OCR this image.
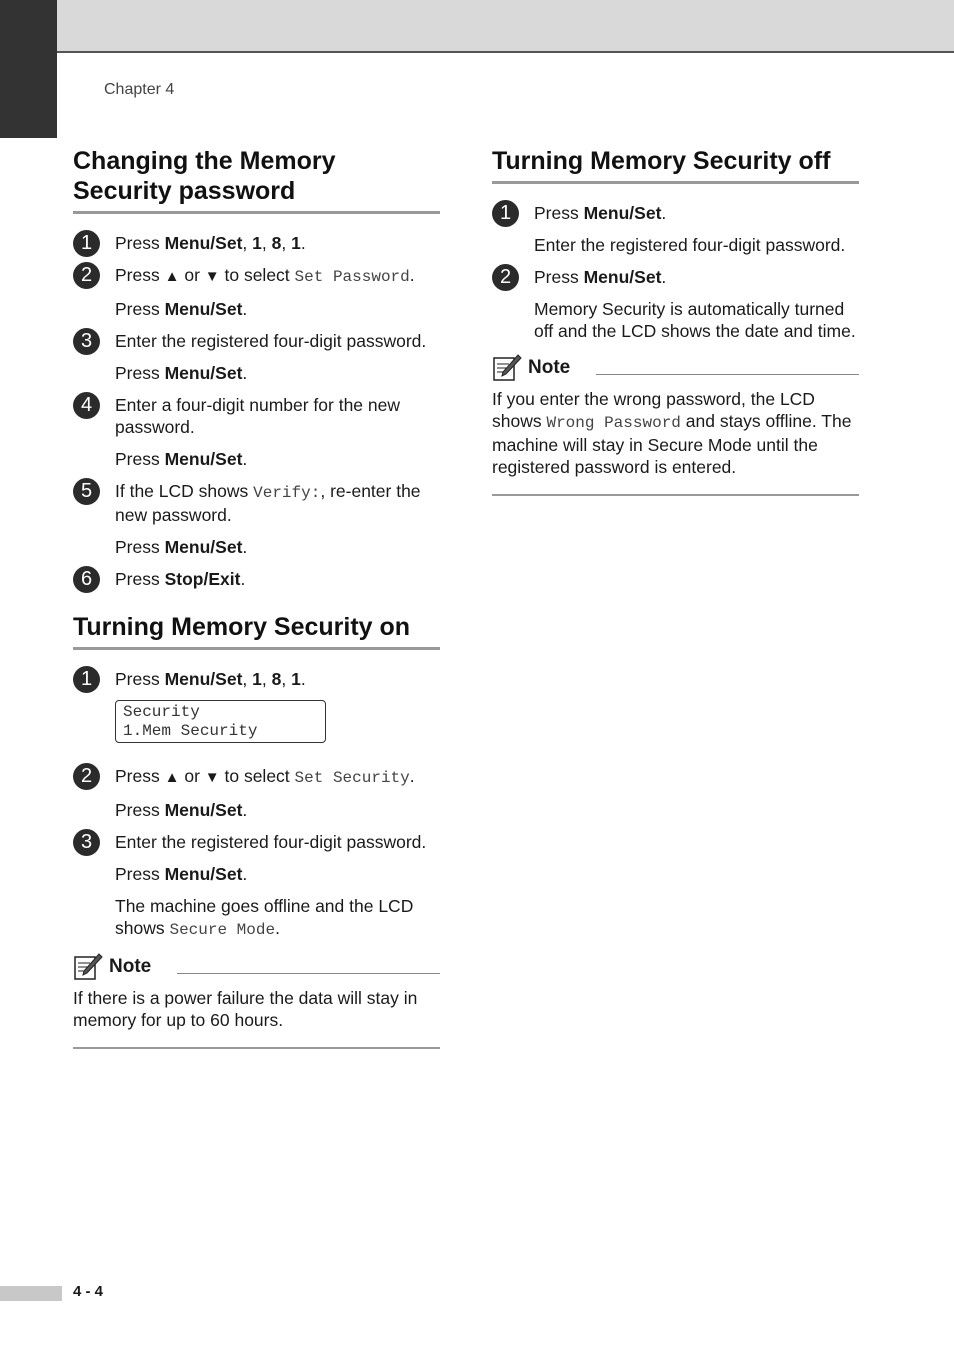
Chapter 4
Changing the Memory
Security password
1	Press Menu/Set, 1, 8, 1.
2	Press ▲ or ▼ to select Set Password.
Press Menu/Set.
3	Enter the registered four-digit password.
Press Menu/Set.
4	Enter a four-digit number for the new password.
Press Menu/Set.
5	If the LCD shows Verify:, re-enter the new password.
Press Menu/Set.
6	Press Stop/Exit.
Turning Memory Security on
1	Press Menu/Set, 1, 8, 1.
Security
1.Mem Security
2	Press ▲ or ▼ to select Set Security.
Press Menu/Set.
3	Enter the registered four-digit password.
Press Menu/Set.
The machine goes offline and the LCD shows Secure Mode.
Note
If there is a power failure the data will stay in memory for up to 60 hours.
Turning Memory Security off
1	Press Menu/Set.
Enter the registered four-digit password.
2	Press Menu/Set.
Memory Security is automatically turned off and the LCD shows the date and time.
Note
If you enter the wrong password, the LCD shows Wrong Password and stays offline. The machine will stay in Secure Mode until the registered password is entered.
4 - 4
